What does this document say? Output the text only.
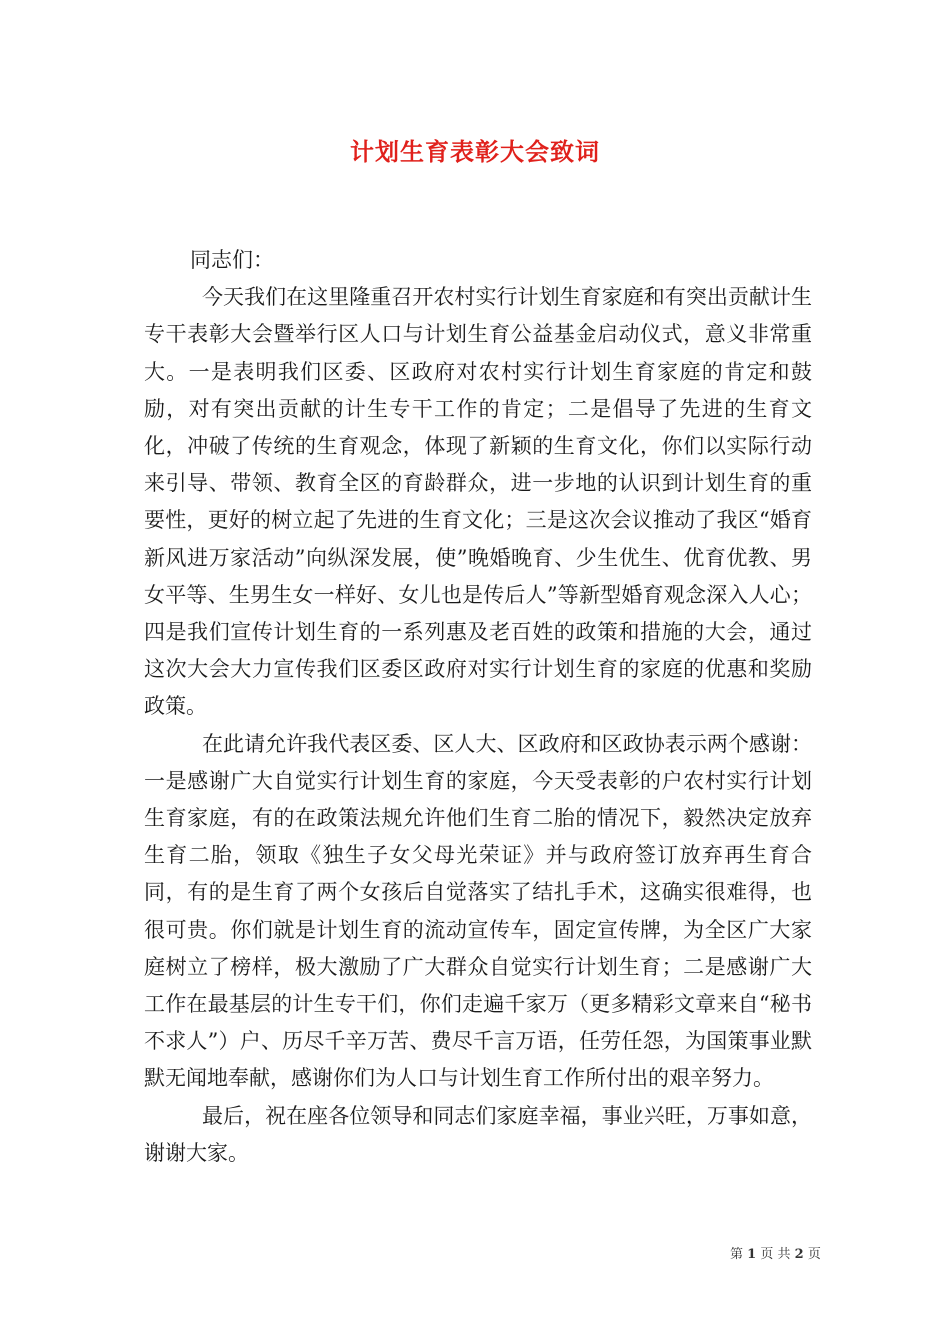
计划生育表彰大会致词

同志们：

今天我们在这里隆重召开农村实行计划生育家庭和有突出贡献计生专干表彰大会暨举行区人口与计划生育公益基金启动仪式，意义非常重大。一是表明我们区委、区政府对农村实行计划生育家庭的肯定和鼓励，对有突出贡献的计生专干工作的肯定；二是倡导了先进的生育文化，冲破了传统的生育观念，体现了新颖的生育文化，你们以实际行动来引导、带领、教育全区的育龄群众，进一步地的认识到计划生育的重要性，更好的树立起了先进的生育文化；三是这次会议推动了我区“婚育新风进万家活动”向纵深发展，使”晚婚晚育、少生优生、优育优教、男女平等、生男生女一样好、女儿也是传后人”等新型婚育观念深入人心；四是我们宣传计划生育的一系列惠及老百姓的政策和措施的大会，通过这次大会大力宣传我们区委区政府对实行计划生育的家庭的优惠和奖励政策。

在此请允许我代表区委、区人大、区政府和区政协表示两个感谢：一是感谢广大自觉实行计划生育的家庭，今天受表彰的户农村实行计划生育家庭，有的在政策法规允许他们生育二胎的情况下，毅然决定放弃生育二胎，领取《独生子女父母光荣证》并与政府签订放弃再生育合同，有的是生育了两个女孩后自觉落实了结扎手术，这确实很难得，也很可贵。你们就是计划生育的流动宣传车，固定宣传牌，为全区广大家庭树立了榜样，极大激励了广大群众自觉实行计划生育；二是感谢广大工作在最基层的计生专干们，你们走遍千家万（更多精彩文章来自“秘书不求人”）户、历尽千辛万苦、费尽千言万语，任劳任怨，为国策事业默默无闻地奉献，感谢你们为人口与计划生育工作所付出的艰辛努力。

最后，祝在座各位领导和同志们家庭幸福，事业兴旺，万事如意，谢谢大家。

第 1 页 共 2 页
